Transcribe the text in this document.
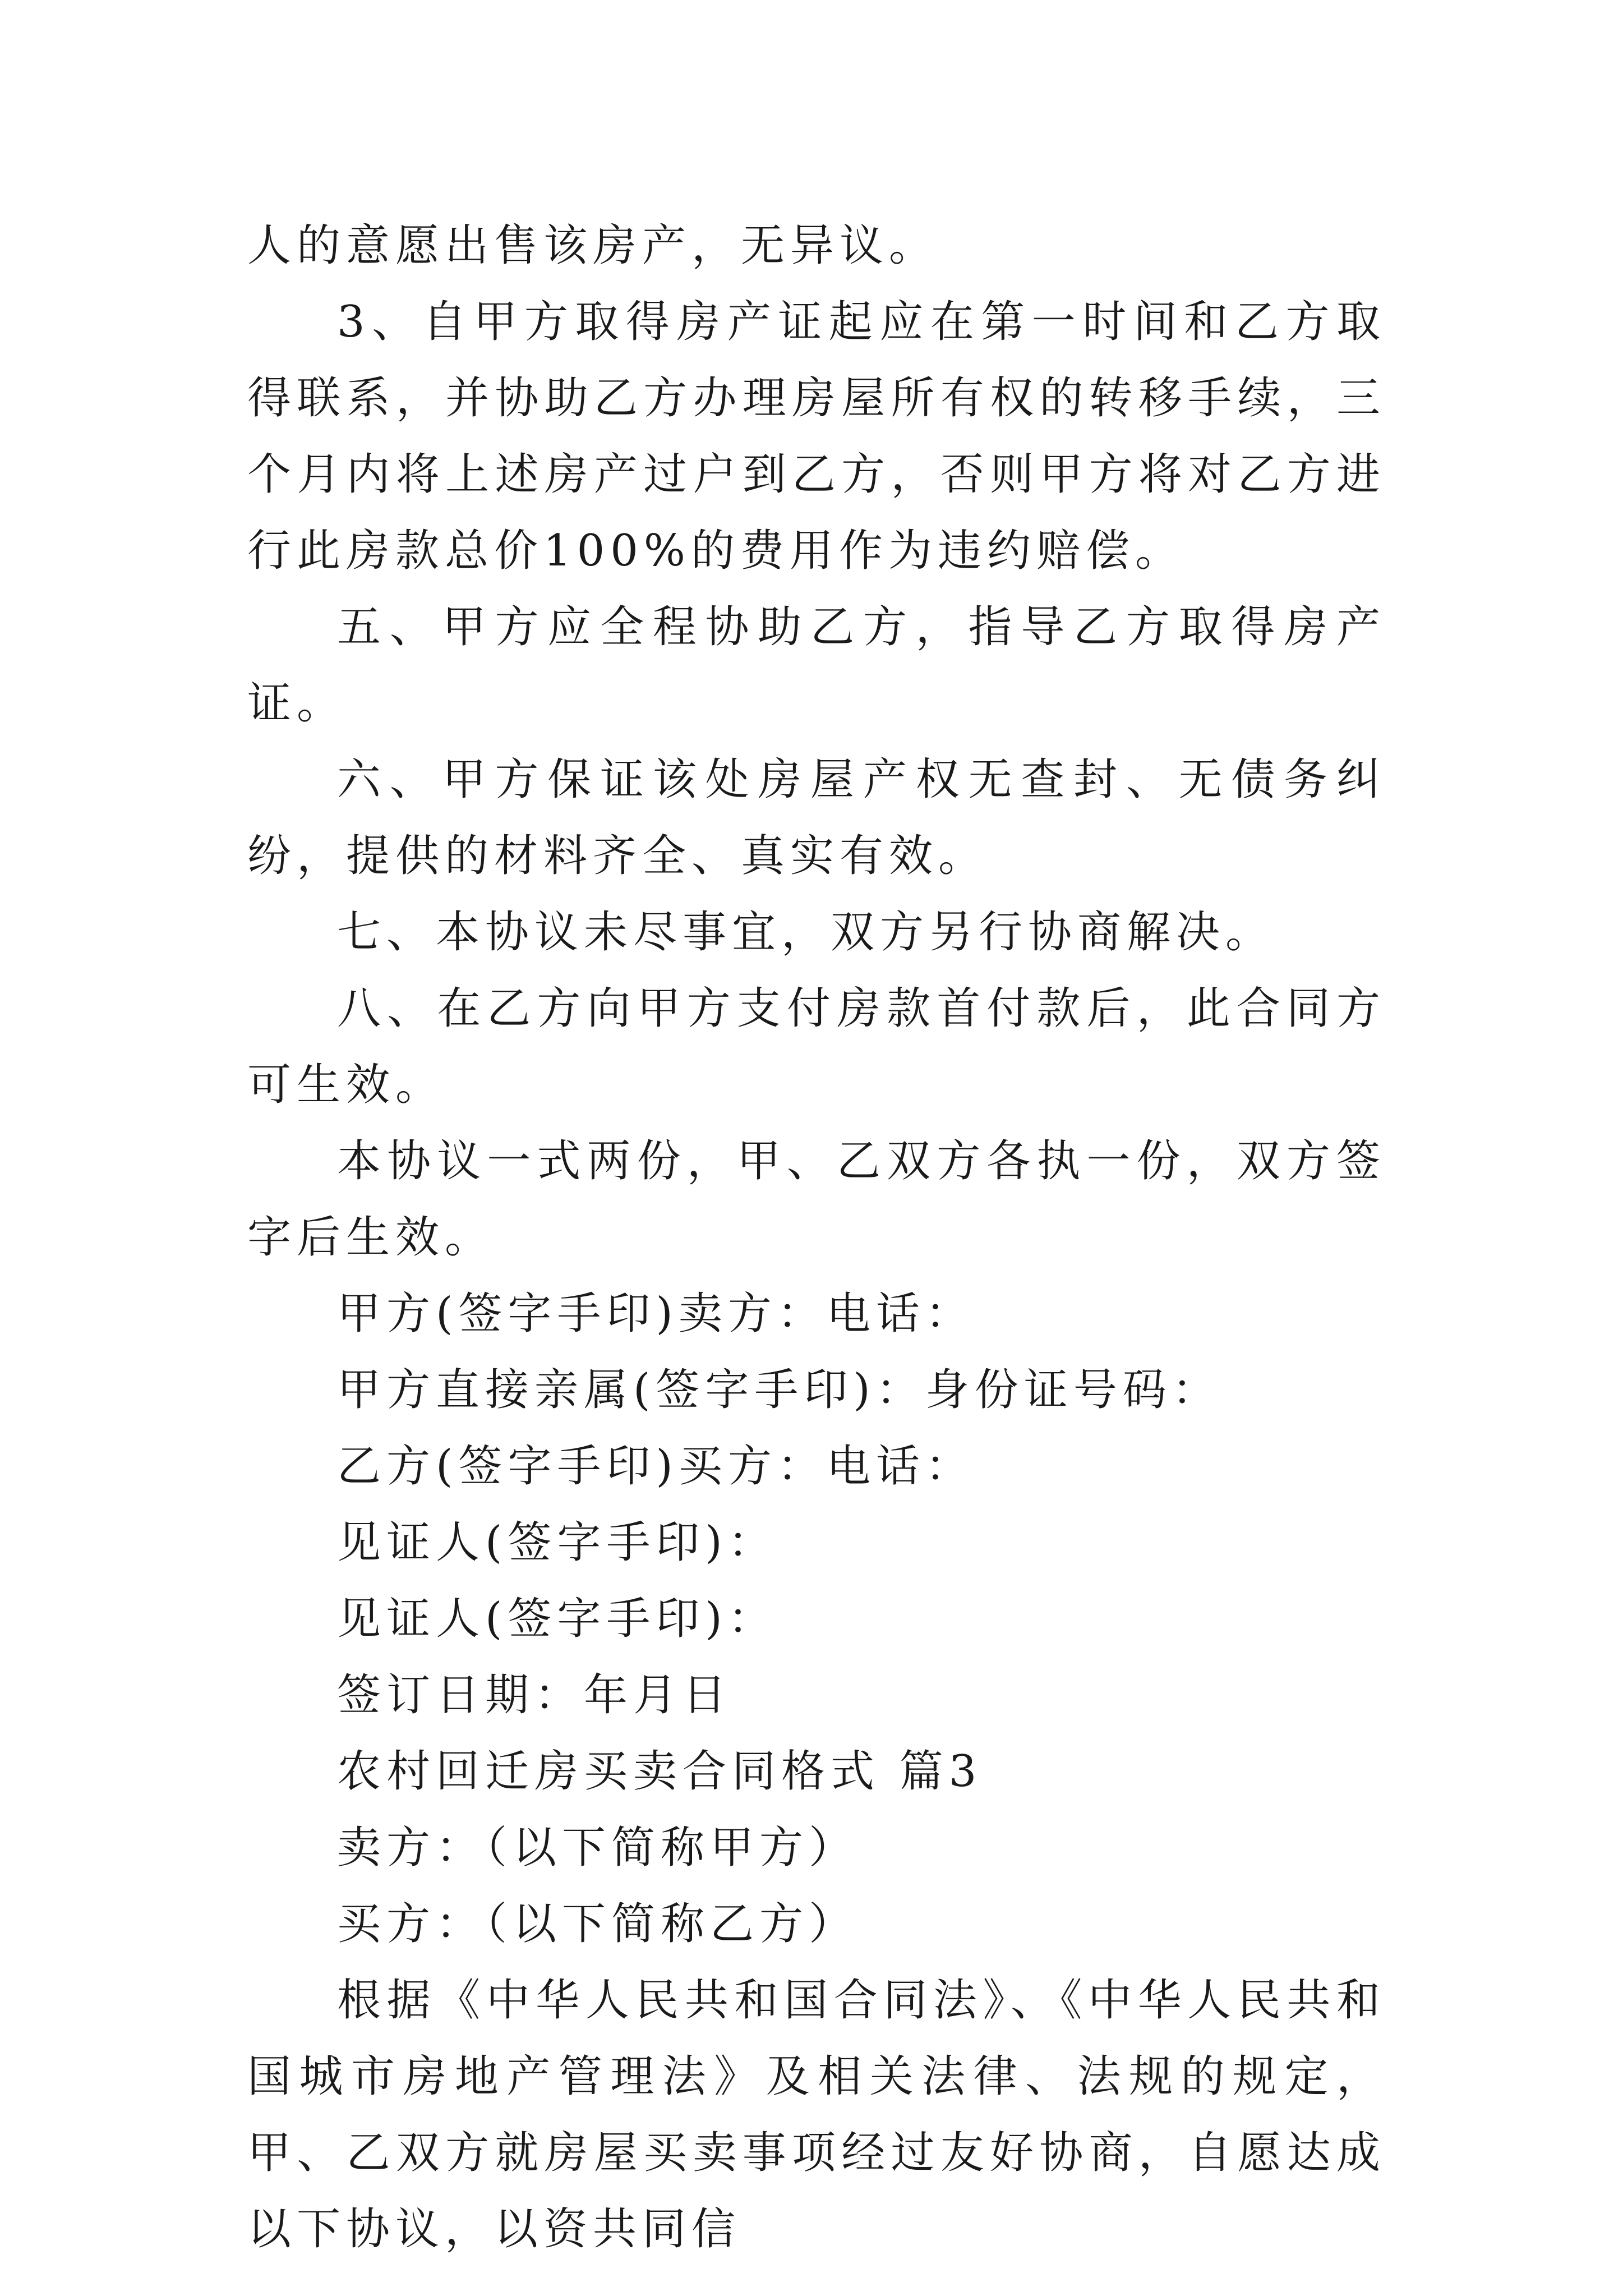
人的意愿出售该房产，无异议。

3、自甲方取得房产证起应在第一时间和乙方取得联系，并协助乙方办理房屋所有权的转移手续，三个月内将上述房产过户到乙方，否则甲方将对乙方进行此房款总价100%的费用作为违约赔偿。

五、甲方应全程协助乙方，指导乙方取得房产证。

六、甲方保证该处房屋产权无查封、无债务纠纷，提供的材料齐全、真实有效。

七、本协议未尽事宜，双方另行协商解决。

八、在乙方向甲方支付房款首付款后，此合同方可生效。

本协议一式两份，甲、乙双方各执一份，双方签字后生效。

甲方(签字手印)卖方：电话：

甲方直接亲属(签字手印)：身份证号码：

乙方(签字手印)买方：电话：

见证人(签字手印)：

见证人(签字手印)：

签订日期：年月日

农村回迁房买卖合同格式 篇3

卖方：（以下简称甲方）

买方：（以下简称乙方）

根据《中华人民共和国合同法》、《中华人民共和国城市房地产管理法》及相关法律、法规的规定，甲、乙双方就房屋买卖事项经过友好协商，自愿达成以下协议，以资共同信
